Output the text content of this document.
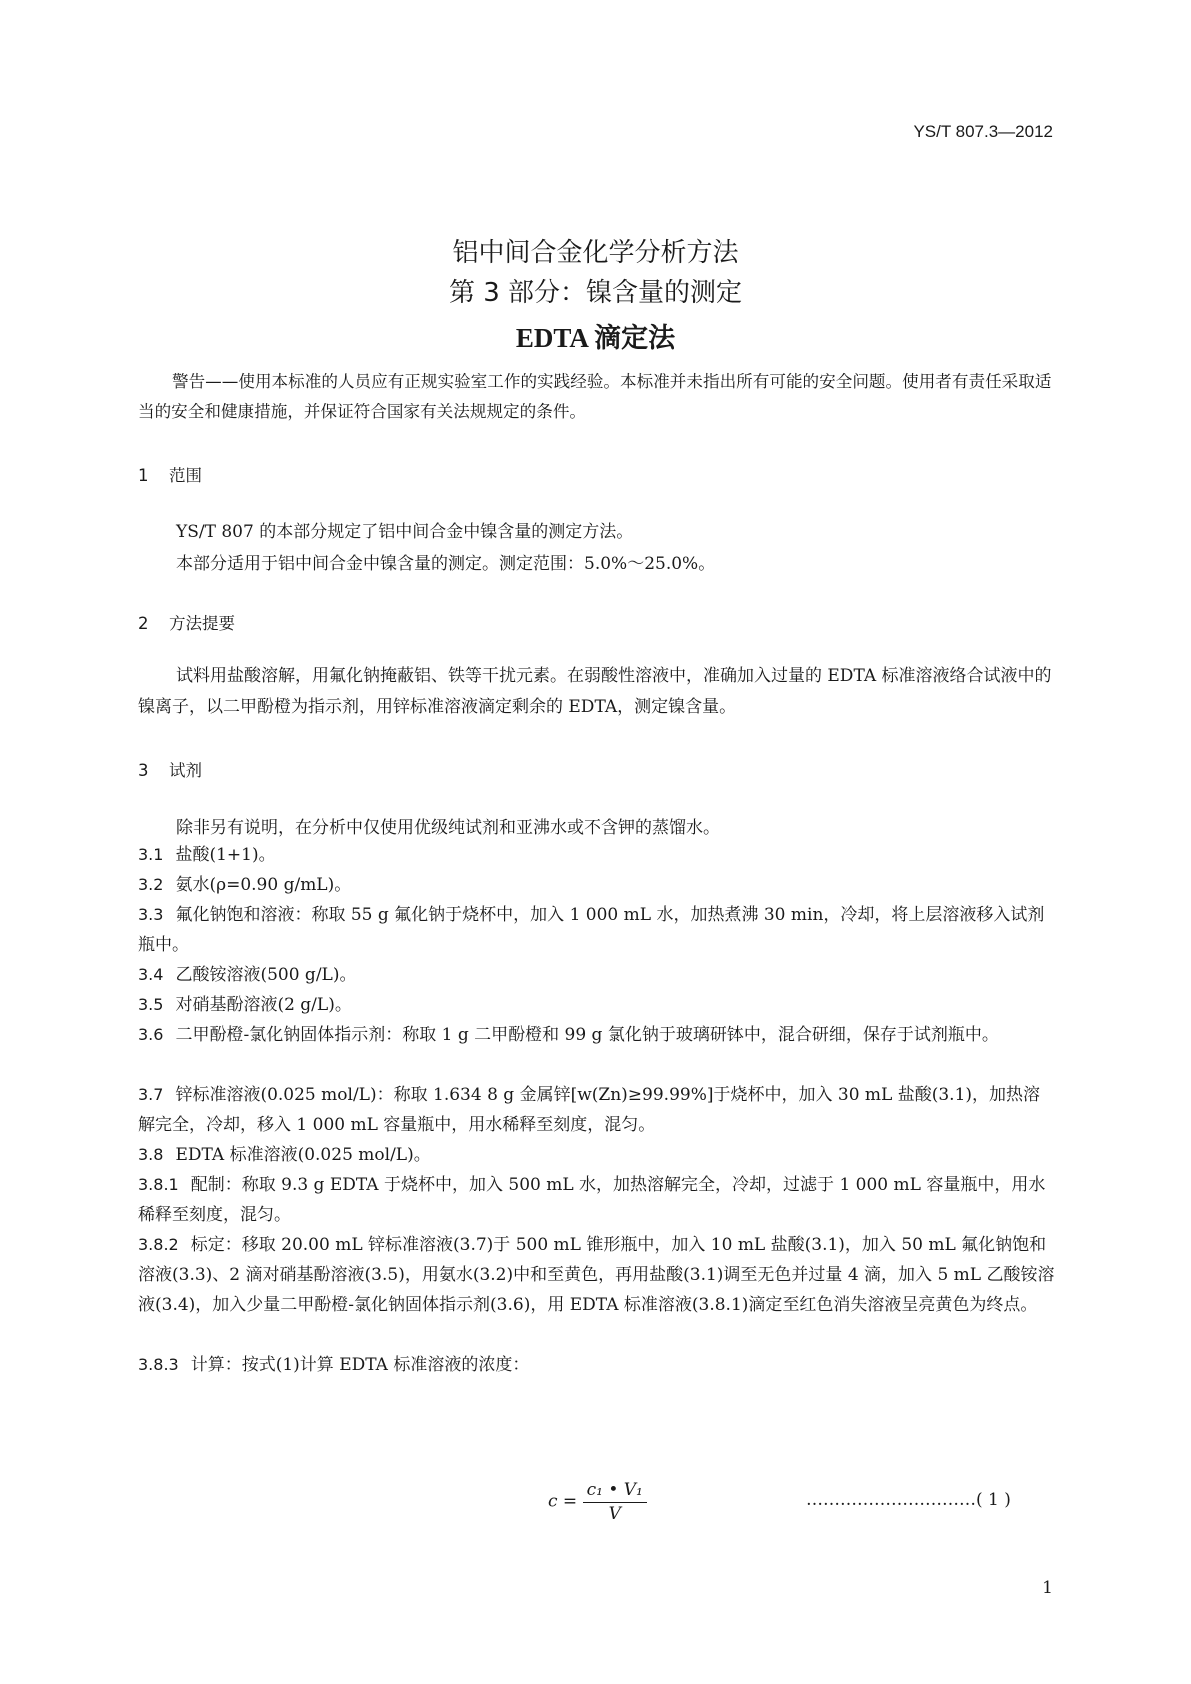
YS/T 807.3—2012
铝中间合金化学分析方法
第 3 部分：镍含量的测定
EDTA 滴定法
警告——使用本标准的人员应有正规实验室工作的实践经验。本标准并未指出所有可能的安全问题。使用者有责任采取适当的安全和健康措施，并保证符合国家有关法规规定的条件。
1 范围
YS/T 807 的本部分规定了铝中间合金中镍含量的测定方法。
本部分适用于铝中间合金中镍含量的测定。测定范围：5.0%～25.0%。
2 方法提要
试料用盐酸溶解，用氟化钠掩蔽铝、铁等干扰元素。在弱酸性溶液中，准确加入过量的 EDTA 标准溶液络合试液中的镍离子，以二甲酚橙为指示剂，用锌标准溶液滴定剩余的 EDTA，测定镍含量。
3 试剂
除非另有说明，在分析中仅使用优级纯试剂和亚沸水或不含钾的蒸馏水。
3.1 盐酸(1+1)。
3.2 氨水(ρ=0.90 g/mL)。
3.3 氟化钠饱和溶液：称取 55 g 氟化钠于烧杯中，加入 1 000 mL 水，加热煮沸 30 min，冷却，将上层溶液移入试剂瓶中。
3.4 乙酸铵溶液(500 g/L)。
3.5 对硝基酚溶液(2 g/L)。
3.6 二甲酚橙-氯化钠固体指示剂：称取 1 g 二甲酚橙和 99 g 氯化钠于玻璃研钵中，混合研细，保存于试剂瓶中。
3.7 锌标准溶液(0.025 mol/L)：称取 1.634 8 g 金属锌[w(Zn)≥99.99%]于烧杯中，加入 30 mL 盐酸(3.1)，加热溶解完全，冷却，移入 1 000 mL 容量瓶中，用水稀释至刻度，混匀。
3.8 EDTA 标准溶液(0.025 mol/L)。
3.8.1 配制：称取 9.3 g EDTA 于烧杯中，加入 500 mL 水，加热溶解完全，冷却，过滤于 1 000 mL 容量瓶中，用水稀释至刻度，混匀。
3.8.2 标定：移取 20.00 mL 锌标准溶液(3.7)于 500 mL 锥形瓶中，加入 10 mL 盐酸(3.1)，加入 50 mL 氟化钠饱和溶液(3.3)、2 滴对硝基酚溶液(3.5)，用氨水(3.2)中和至黄色，再用盐酸(3.1)调至无色并过量 4 滴，加入 5 mL 乙酸铵溶液(3.4)，加入少量二甲酚橙-氯化钠固体指示剂(3.6)，用 EDTA 标准溶液(3.8.1)滴定至红色消失溶液呈亮黄色为终点。
3.8.3 计算：按式(1)计算 EDTA 标准溶液的浓度：
$c = \frac{\text{c₁ • V₁}}{V}$	…………………………( 1 )
1
